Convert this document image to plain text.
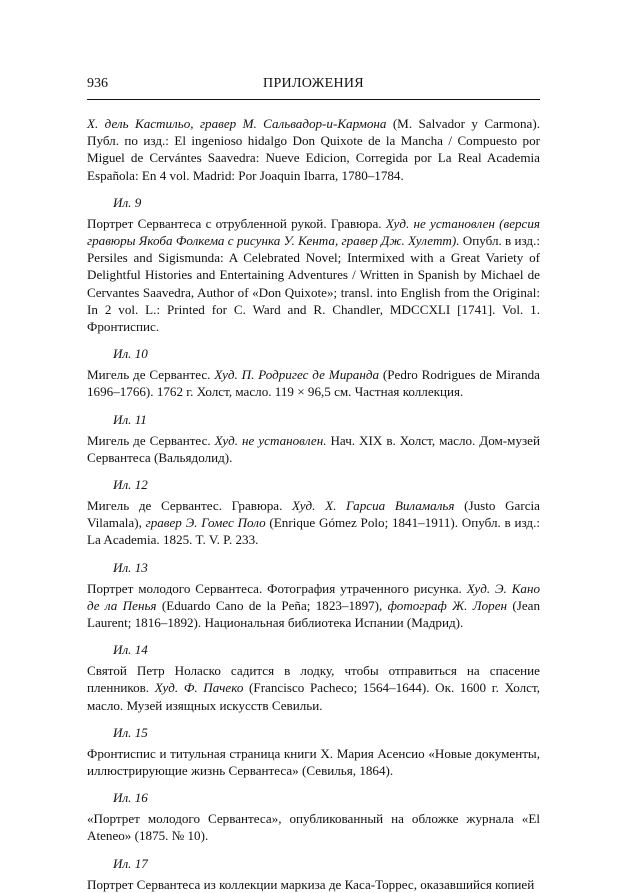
936	ПРИЛОЖЕНИЯ

Х. дель Кастильо, гравер М. Сальвадор-и-Кармона (M. Salvador y Carmona). Публ. по изд.: El ingenioso hidalgo Don Quixote de la Mancha / Compuesto por Miguel de Cervántes Saavedra: Nueve Edicion, Corregida por La Real Academia Española: En 4 vol. Madrid: Por Joaquin Ibarra, 1780–1784.

Ил. 9

Портрет Сервантеса с отрубленной рукой. Гравюра. Худ. не установлен (версия гравюры Якоба Фолкема с рисунка У. Кента, гравер Дж. Хулетт). Опубл. в изд.: Persiles and Sigismunda: A Celebrated Novel; Intermixed with a Great Variety of Delightful Histories and Entertaining Adventures / Written in Spanish by Michael de Cervantes Saavedra, Author of «Don Quixote»; transl. into English from the Original: In 2 vol. L.: Printed for C. Ward and R. Chandler, MDCCXLI [1741]. Vol. 1. Фронтиспис.

Ил. 10

Мигель де Сервантес. Худ. П. Родригес де Миранда (Pedro Rodrigues de Miranda 1696–1766). 1762 г. Холст, масло. 119 × 96,5 см. Частная коллекция.

Ил. 11

Мигель де Сервантес. Худ. не установлен. Нач. XIX в. Холст, масло. Дом-музей Сервантеса (Вальядолид).

Ил. 12

Мигель де Сервантес. Гравюра. Худ. Х. Гарсиа Виламалья (Justo Garcia Vilamala), гравер Э. Гомес Поло (Enrique Gómez Polo; 1841–1911). Опубл. в изд.: La Academia. 1825. T. V. P. 233.

Ил. 13

Портрет молодого Сервантеса. Фотография утраченного рисунка. Худ. Э. Кано де ла Пенья (Eduardo Cano de la Peña; 1823–1897), фотограф Ж. Лорен (Jean Laurent; 1816–1892). Национальная библиотека Испании (Мадрид).

Ил. 14

Святой Петр Ноласко садится в лодку, чтобы отправиться на спасение пленников. Худ. Ф. Пачеко (Francisco Pacheco; 1564–1644). Ок. 1600 г. Холст, масло. Музей изящных искусств Севильи.

Ил. 15

Фронтиспис и титульная страница книги Х. Мария Асенсио «Новые документы, иллюстрирующие жизнь Сервантеса» (Севилья, 1864).

Ил. 16

«Портрет молодого Сервантеса», опубликованный на обложке журнала «El Ateneo» (1875. № 10).

Ил. 17

Портрет Сервантеса из коллекции маркиза де Каса-Торрес, оказавшийся копией
